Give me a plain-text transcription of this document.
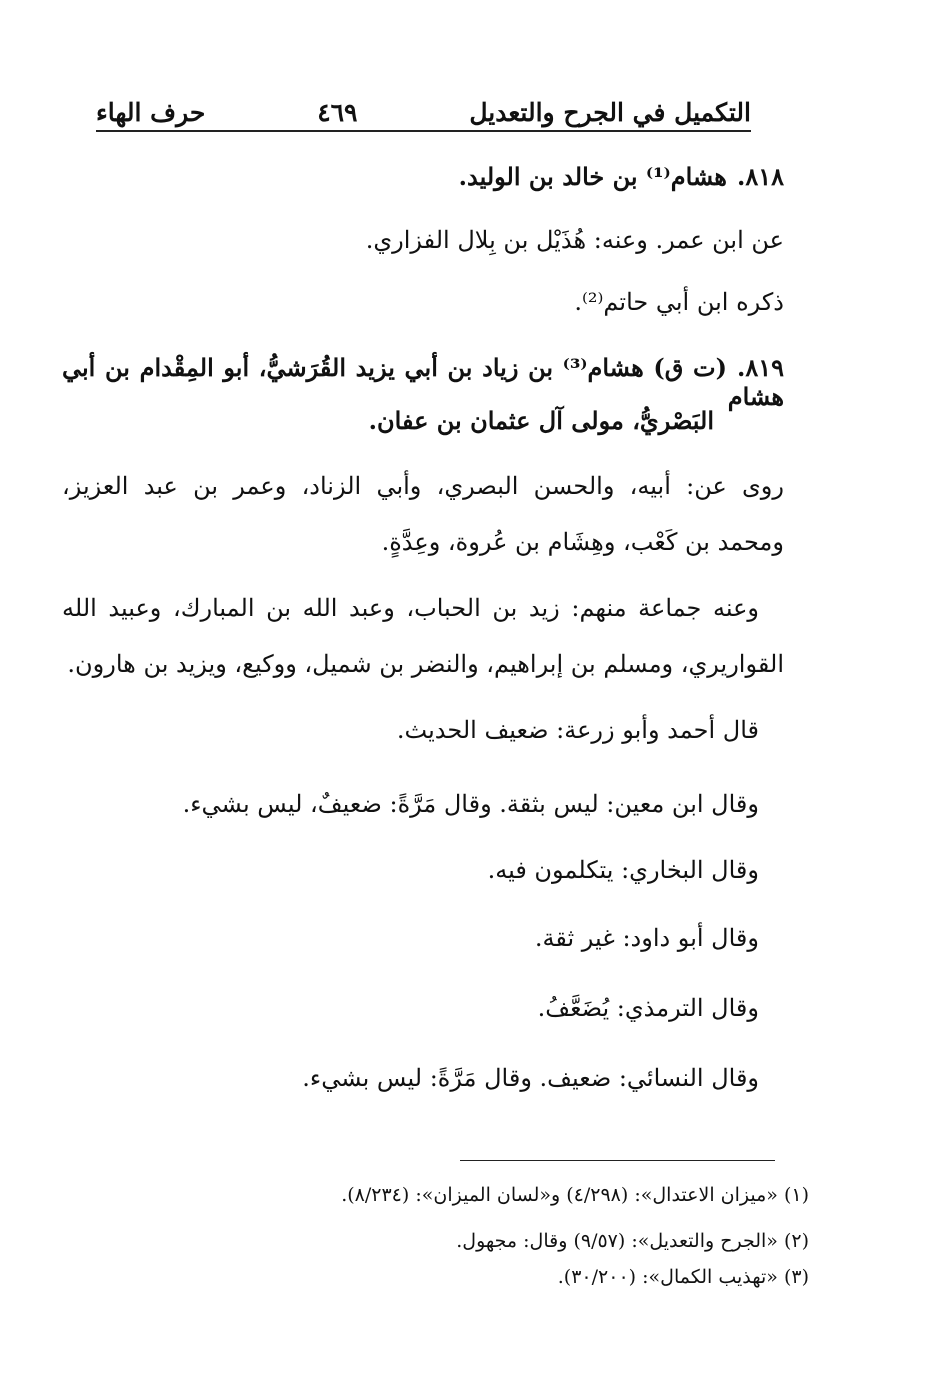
التكميل في الجرح والتعديل
٤٦٩
حرف الهاء
٨١٨.هشام⁽¹⁾ بن خالد بن الوليد.
عن ابن عمر. وعنه: هُذَيْل بن بِلال الفزاري.
ذكره ابن أبي حاتم⁽²⁾.
٨١٩.(ت ق) هشام⁽³⁾ بن زياد بن أبي يزيد القُرَشيُّ، أبو المِقْدام بن أبي هشام
البَصْريُّ، مولى آل عثمان بن عفان.
روى عن: أبيه، والحسن البصري، وأبي الزناد، وعمر بن عبد العزيز،
ومحمد بن كَعْب، وهِشَام بن عُروة، وعِدَّةٍ.
وعنه جماعة منهم: زيد بن الحباب، وعبد الله بن المبارك، وعبيد الله
القواريري، ومسلم بن إبراهيم، والنضر بن شميل، ووكيع، ويزيد بن هارون.
قال أحمد وأبو زرعة: ضعيف الحديث.
وقال ابن معين: ليس بثقة. وقال مَرَّةً: ضعيفٌ، ليس بشيء.
وقال البخاري: يتكلمون فيه.
وقال أبو داود: غير ثقة.
وقال الترمذي: يُضَعَّفُ.
وقال النسائي: ضعيف. وقال مَرَّةً: ليس بشيء.
(١) «ميزان الاعتدال»: (٤/٢٩٨) و«لسان الميزان»: (٨/٢٣٤).
(٢) «الجرح والتعديل»: (٩/٥٧) وقال: مجهول.
(٣) «تهذيب الكمال»: (٣٠/٢٠٠).
